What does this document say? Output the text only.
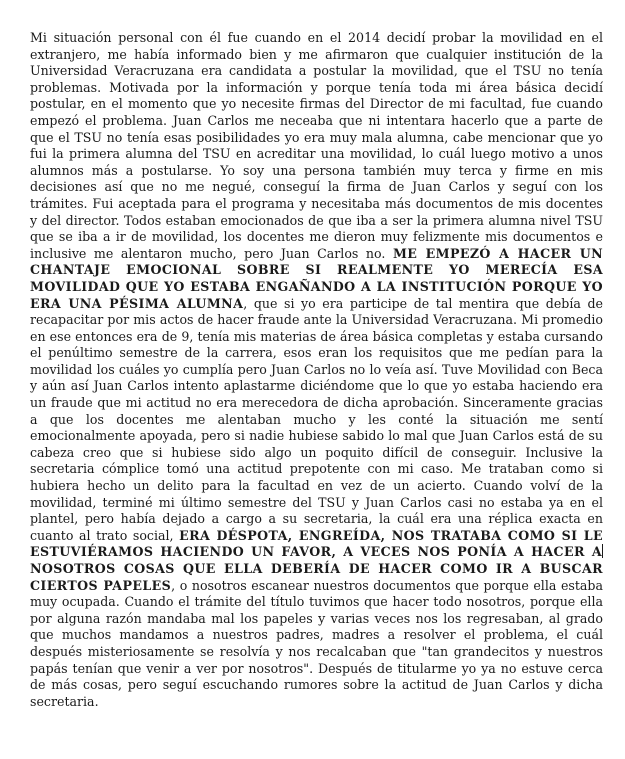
Mi situación personal con él fue cuando en el 2014 decidí probar la movilidad en el extranjero, me había informado bien y me afirmaron que cualquier institución de la Universidad Veracruzana era candidata a postular la movilidad, que el TSU no tenía problemas. Motivada por la información y porque tenía toda mi área básica decidí postular, en el momento que yo necesite firmas del Director de mi facultad, fue cuando empezó el problema. Juan Carlos me neceaba que ni intentara hacerlo que a parte de que el TSU no tenía esas posibilidades yo era muy mala alumna, cabe mencionar que yo fui la primera alumna del TSU en acreditar una movilidad, lo cuál luego motivo a unos alumnos más a postularse. Yo soy una persona también muy terca y firme en mis decisiones así que no me negué, conseguí la firma de Juan Carlos y seguí con los trámites. Fui aceptada para el programa y necesitaba más documentos de mis docentes y del director. Todos estaban emocionados de que iba a ser la primera alumna nivel TSU que se iba a ir de movilidad, los docentes me dieron muy felizmente mis documentos e inclusive me alentaron mucho, pero Juan Carlos no. ME EMPEZÓ A HACER UN CHANTAJE EMOCIONAL SOBRE SI REALMENTE YO MERECÍA ESA MOVILIDAD QUE YO ESTABA ENGAÑANDO A LA INSTITUCIÓN PORQUE YO ERA UNA PÉSIMA ALUMNA, que si yo era participe de tal mentira que debía de recapacitar por mis actos de hacer fraude ante la Universidad Veracruzana. Mi promedio en ese entonces era de 9, tenía mis materias de área básica completas y estaba cursando el penúltimo semestre de la carrera, esos eran los requisitos que me pedían para la movilidad los cuáles yo cumplía pero Juan Carlos no lo veía así. Tuve Movilidad con Beca y aún así Juan Carlos intento aplastarme diciéndome que lo que yo estaba haciendo era un fraude que mi actitud no era merecedora de dicha aprobación. Sinceramente gracias a que los docentes me alentaban mucho y les conté la situación me sentí emocionalmente apoyada, pero si nadie hubiese sabido lo mal que Juan Carlos está de su cabeza creo que si hubiese sido algo un poquito difícil de conseguir. Inclusive la secretaria cómplice tomó una actitud prepotente con mi caso. Me trataban como si hubiera hecho un delito para la facultad en vez de un acierto. Cuando volví de la movilidad, terminé mi último semestre del TSU y Juan Carlos casi no estaba ya en el plantel, pero había dejado a cargo a su secretaria, la cuál era una réplica exacta en cuanto al trato social, ERA DÉSPOTA, ENGREÍDA, NOS TRATABA COMO SI LE ESTUVIÉRAMOS HACIENDO UN FAVOR, A VECES NOS PONÍA A HACER A NOSOTROS COSAS QUE ELLA DEBERÍA DE HACER COMO IR A BUSCAR CIERTOS PAPELES, o nosotros escanear nuestros documentos que porque ella estaba muy ocupada. Cuando el trámite del título tuvimos que hacer todo nosotros, porque ella por alguna razón mandaba mal los papeles y varias veces nos los regresaban, al grado que muchos mandamos a nuestros padres, madres a resolver el problema, el cuál después misteriosamente se resolvía y nos recalcaban que "tan grandecitos y nuestros papás tenían que venir a ver por nosotros". Después de titularme yo ya no estuve cerca de más cosas, pero seguí escuchando rumores sobre la actitud de Juan Carlos y dicha secretaria.
